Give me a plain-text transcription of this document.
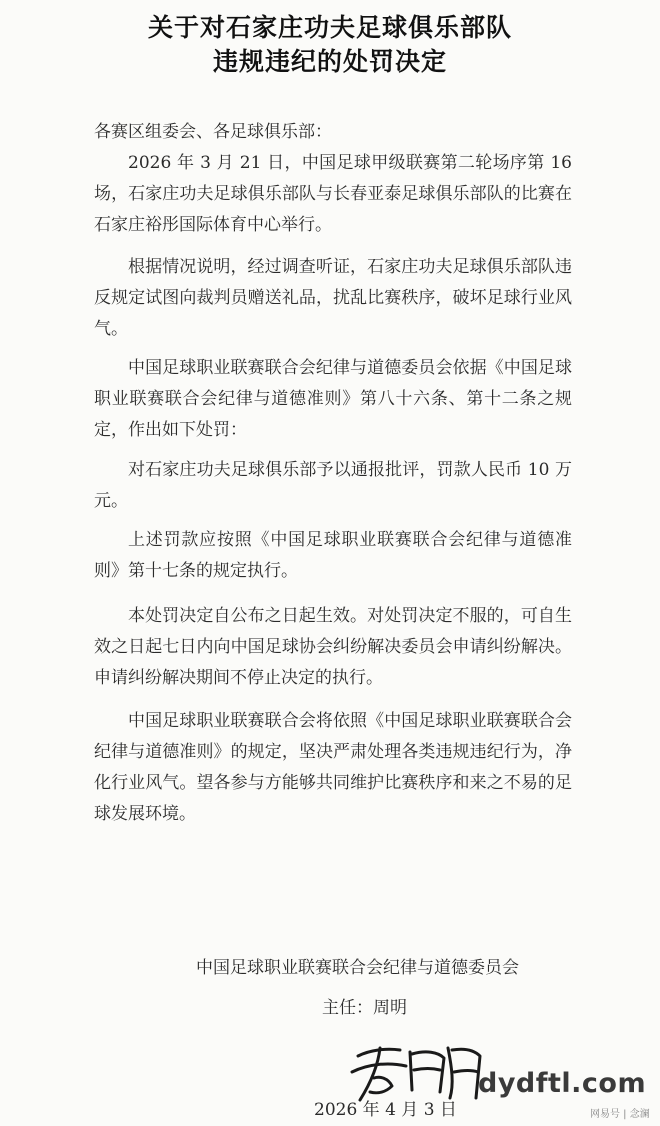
关于对石家庄功夫足球俱乐部队
违规违纪的处罚决定

各赛区组委会、各足球俱乐部：

2026 年 3 月 21 日，中国足球甲级联赛第二轮场序第 16 场，石家庄功夫足球俱乐部队与长春亚泰足球俱乐部队的比赛在石家庄裕彤国际体育中心举行。

根据情况说明，经过调查听证，石家庄功夫足球俱乐部队违反规定试图向裁判员赠送礼品，扰乱比赛秩序，破坏足球行业风气。

中国足球职业联赛联合会纪律与道德委员会依据《中国足球职业联赛联合会纪律与道德准则》第八十六条、第十二条之规定，作出如下处罚：

对石家庄功夫足球俱乐部予以通报批评，罚款人民币 10 万元。

上述罚款应按照《中国足球职业联赛联合会纪律与道德准则》第十七条的规定执行。

本处罚决定自公布之日起生效。对处罚决定不服的，可自生效之日起七日内向中国足球协会纠纷解决委员会申请纠纷解决。申请纠纷解决期间不停止决定的执行。

中国足球职业联赛联合会将依照《中国足球职业联赛联合会纪律与道德准则》的规定，坚决严肃处理各类违规违纪行为，净化行业风气。望各参与方能够共同维护比赛秩序和来之不易的足球发展环境。

中国足球职业联赛联合会纪律与道德委员会
主任：周明
2026 年 4 月 3 日
dydftl.com
网易号 | 念澜
